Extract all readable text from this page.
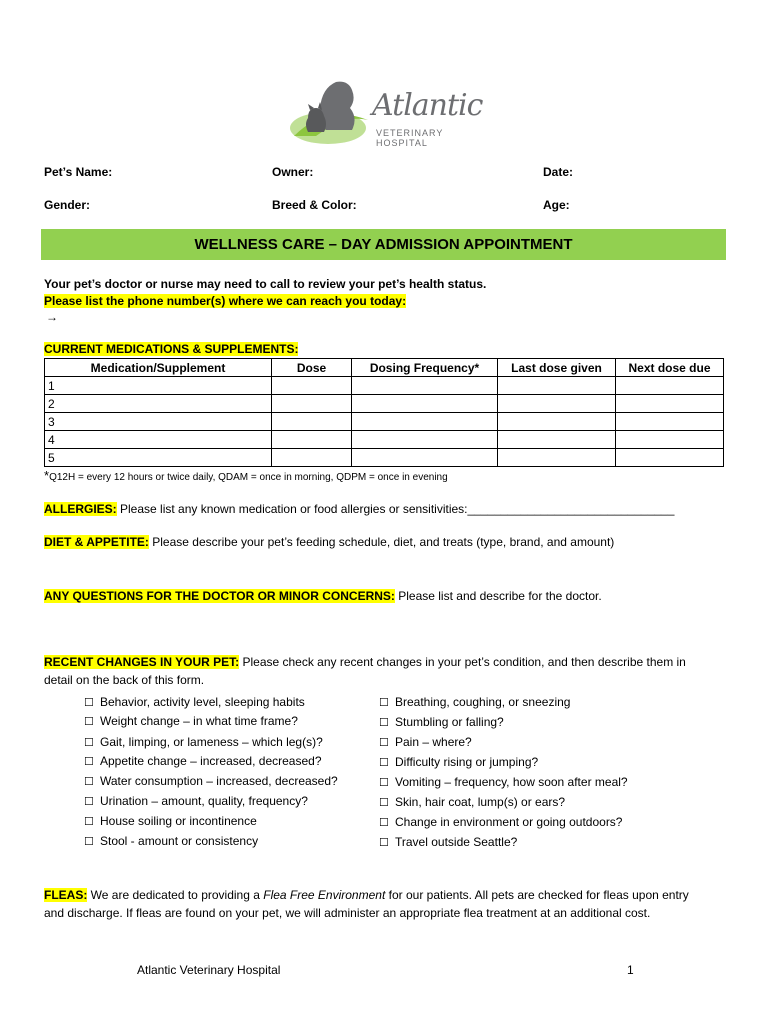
Atlantic
VETERINARY HOSPITAL
Pet’s Name:	Owner:	Date:
Gender:	Breed & Color:	Age:
WELLNESS CARE – DAY ADMISSION APPOINTMENT
Your pet’s doctor or nurse may need to call to review your pet’s health status.
Please list the phone number(s) where we can reach you today:
→
CURRENT MEDICATIONS & SUPPLEMENTS:
Medication/Supplement	Dose	Dosing Frequency*	Last dose given	Next dose due
1				
2				
3				
4				
5				
*Q12H = every 12 hours or twice daily, QDAM = once in morning, QDPM = once in evening
ALLERGIES: Please list any known medication or food allergies or sensitivities:_______________________________
DIET & APPETITE: Please describe your pet’s feeding schedule, diet, and treats (type, brand, and amount)
ANY QUESTIONS FOR THE DOCTOR OR MINOR CONCERNS: Please list and describe for the doctor.

RECENT CHANGES IN YOUR PET: Please check any recent changes in your pet’s condition, and then describe them in

detail on the back of this form.

☐ Behavior, activity level, sleeping habits
☐ Weight change – in what time frame?
☐ Gait, limping, or lameness – which leg(s)?
☐ Appetite change – increased, decreased?
☐ Water consumption – increased, decreased?
☐ Urination – amount, quality, frequency?
☐ House soiling or incontinence
☐ Stool - amount or consistency
☐ Breathing, coughing, or sneezing
☐ Stumbling or falling?
☐ Pain – where?
☐ Difficulty rising or jumping?
☐ Vomiting – frequency, how soon after meal?
☐ Skin, hair coat, lump(s) or ears?
☐ Change in environment or going outdoors?
☐ Travel outside Seattle?

FLEAS: We are dedicated to providing a Flea Free Environment for our patients. All pets are checked for fleas upon entry

and discharge. If fleas are found on your pet, we will administer an appropriate flea treatment at an additional cost.

Atlantic Veterinary Hospital	1
